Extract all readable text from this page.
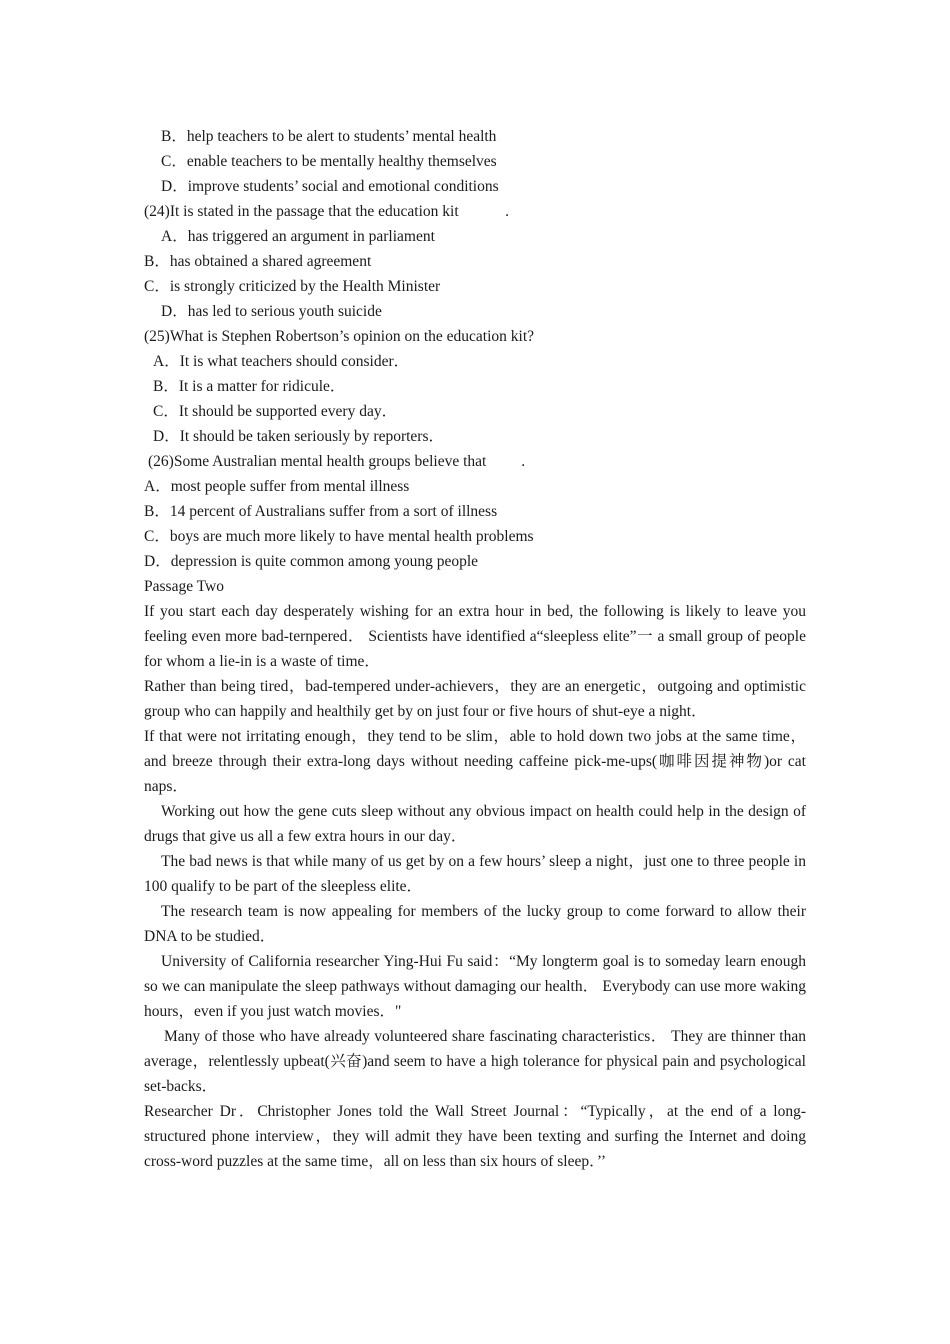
B．help teachers to be alert to students’ mental health
C．enable teachers to be mentally healthy themselves
D．improve students’ social and emotional conditions
(24)It is stated in the passage that the education kit            .
A．has triggered an argument in parliament
B．has obtained a shared agreement
C．is strongly criticized by the Health Minister
D．has led to serious youth suicide
(25)What is Stephen Robertson’s opinion on the education kit?
A．It is what teachers should consider．
B．It is a matter for ridicule．
C．It should be supported every day．
D．It should be taken seriously by reporters．
(26)Some Australian mental health groups believe that         .
A．most people suffer from mental illness
B．14 percent of Australians suffer from a sort of illness
C．boys are much more likely to have mental health problems
D．depression is quite common among young people
Passage Two

If you start each day desperately wishing for an extra hour in bed, the following is likely to leave you feeling even more bad-ternpered． Scientists have identified a“sleepless elite”一 a small group of people for whom a lie-in is a waste of time．

Rather than being tired，bad-tempered under-achievers，they are an energetic，outgoing and optimistic group who can happily and healthily get by on just four or five hours of shut-eye a night．

If that were not irritating enough，they tend to be slim，able to hold down two jobs at the same time，and breeze through their extra-long days without needing caffeine pick-me-ups(咖啡因提神物)or cat naps．

Working out how the gene cuts sleep without any obvious impact on health could help in the design of drugs that give us all a few extra hours in our day．

The bad news is that while many of us get by on a few hours’ sleep a night，just one to three people in 100 qualify to be part of the sleepless elite．

The research team is now appealing for members of the lucky group to come forward to allow their DNA to be studied．

University of California researcher Ying-Hui Fu said：“My longterm goal is to someday learn enough so we can manipulate the sleep pathways without damaging our health． Everybody can use more waking hours，even if you just watch movies．"

Many of those who have already volunteered share fascinating characteristics． They are thinner than average，relentlessly upbeat(兴奋)and seem to have a high tolerance for physical pain and psychological set-backs．

Researcher Dr．Christopher Jones told the Wall Street Journal：“Typically，at the end of a long-structured phone interview，they will admit they have been texting and surfing the Internet and doing cross-word puzzles at the same time，all on less than six hours of sleep．’’
